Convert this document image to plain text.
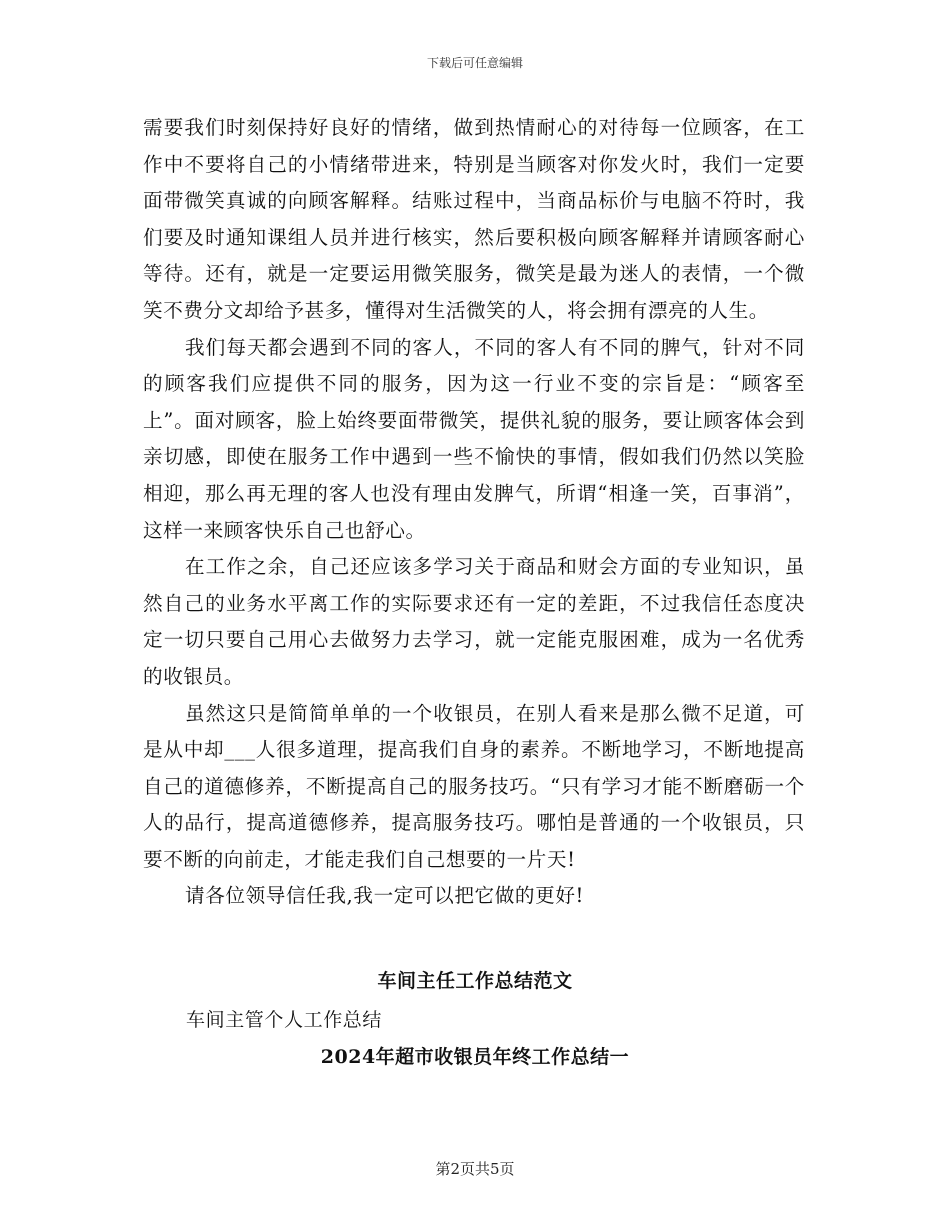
下载后可任意编辑

需要我们时刻保持好良好的情绪，做到热情耐心的对待每一位顾客，在工作中不要将自己的小情绪带进来，特别是当顾客对你发火时，我们一定要面带微笑真诚的向顾客解释。结账过程中，当商品标价与电脑不符时，我们要及时通知课组人员并进行核实，然后要积极向顾客解释并请顾客耐心等待。还有，就是一定要运用微笑服务，微笑是最为迷人的表情，一个微笑不费分文却给予甚多，懂得对生活微笑的人，将会拥有漂亮的人生。

我们每天都会遇到不同的客人，不同的客人有不同的脾气，针对不同的顾客我们应提供不同的服务，因为这一行业不变的宗旨是：“顾客至上”。面对顾客，脸上始终要面带微笑，提供礼貌的服务，要让顾客体会到亲切感，即使在服务工作中遇到一些不愉快的事情，假如我们仍然以笑脸相迎，那么再无理的客人也没有理由发脾气，所谓“相逢一笑，百事消”，这样一来顾客快乐自己也舒心。

在工作之余，自己还应该多学习关于商品和财会方面的专业知识，虽然自己的业务水平离工作的实际要求还有一定的差距，不过我信任态度决定一切只要自己用心去做努力去学习，就一定能克服困难，成为一名优秀的收银员。

虽然这只是简简单单的一个收银员，在别人看来是那么微不足道，可是从中却___人很多道理，提高我们自身的素养。不断地学习，不断地提高自己的道德修养，不断提高自己的服务技巧。“只有学习才能不断磨砺一个人的品行，提高道德修养，提高服务技巧。哪怕是普通的一个收银员，只要不断的向前走，才能走我们自己想要的一片天!

请各位领导信任我,我一定可以把它做的更好!

车间主任工作总结范文
车间主管个人工作总结
2024年超市收银员年终工作总结一
第2页共5页
